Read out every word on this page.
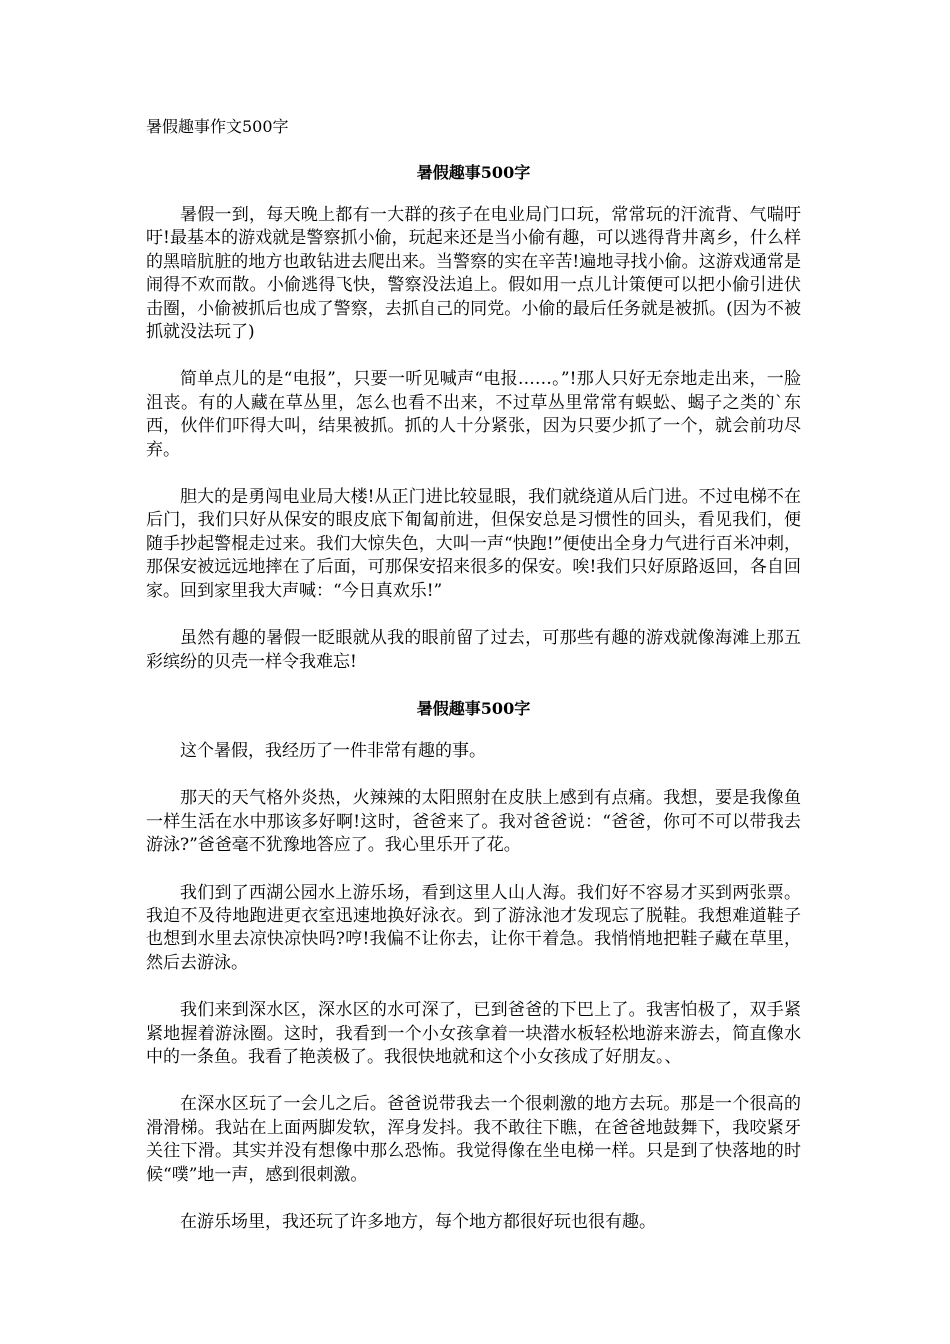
暑假趣事作文500字
暑假趣事500字

暑假一到，每天晚上都有一大群的孩子在电业局门口玩，常常玩的汗流背、气喘吁吁!最基本的游戏就是警察抓小偷，玩起来还是当小偷有趣，可以逃得背井离乡，什么样的黑暗肮脏的地方也敢钻进去爬出来。当警察的实在辛苦!遍地寻找小偷。这游戏通常是闹得不欢而散。小偷逃得飞快，警察没法追上。假如用一点儿计策便可以把小偷引进伏击圈，小偷被抓后也成了警察，去抓自己的同党。小偷的最后任务就是被抓。(因为不被抓就没法玩了)

简单点儿的是“电报”，只要一听见喊声“电报……。”!那人只好无奈地走出来，一脸沮丧。有的人藏在草丛里，怎么也看不出来，不过草丛里常常有蜈蚣、蝎子之类的`东西，伙伴们吓得大叫，结果被抓。抓的人十分紧张，因为只要少抓了一个，就会前功尽弃。

胆大的是勇闯电业局大楼!从正门进比较显眼，我们就绕道从后门进。不过电梯不在后门，我们只好从保安的眼皮底下匍匐前进，但保安总是习惯性的回头，看见我们，便随手抄起警棍走过来。我们大惊失色，大叫一声“快跑!”便使出全身力气进行百米冲刺，那保安被远远地摔在了后面，可那保安招来很多的保安。唉!我们只好原路返回，各自回家。回到家里我大声喊：“今日真欢乐!”

虽然有趣的暑假一眨眼就从我的眼前留了过去，可那些有趣的游戏就像海滩上那五彩缤纷的贝壳一样令我难忘!

暑假趣事500字

这个暑假，我经历了一件非常有趣的事。

那天的天气格外炎热，火辣辣的太阳照射在皮肤上感到有点痛。我想，要是我像鱼一样生活在水中那该多好啊!这时，爸爸来了。我对爸爸说：“爸爸，你可不可以带我去游泳?”爸爸毫不犹豫地答应了。我心里乐开了花。

我们到了西湖公园水上游乐场，看到这里人山人海。我们好不容易才买到两张票。我迫不及待地跑进更衣室迅速地换好泳衣。到了游泳池才发现忘了脱鞋。我想难道鞋子也想到水里去凉快凉快吗?哼!我偏不让你去，让你干着急。我悄悄地把鞋子藏在草里，然后去游泳。

我们来到深水区，深水区的水可深了，已到爸爸的下巴上了。我害怕极了，双手紧紧地握着游泳圈。这时，我看到一个小女孩拿着一块潜水板轻松地游来游去，简直像水中的一条鱼。我看了艳羡极了。我很快地就和这个小女孩成了好朋友。、

在深水区玩了一会儿之后。爸爸说带我去一个很刺激的地方去玩。那是一个很高的滑滑梯。我站在上面两脚发软，浑身发抖。我不敢往下瞧，在爸爸地鼓舞下，我咬紧牙关往下滑。其实并没有想像中那么恐怖。我觉得像在坐电梯一样。只是到了快落地的时候“噗”地一声，感到很刺激。

在游乐场里，我还玩了许多地方，每个地方都很好玩也很有趣。
